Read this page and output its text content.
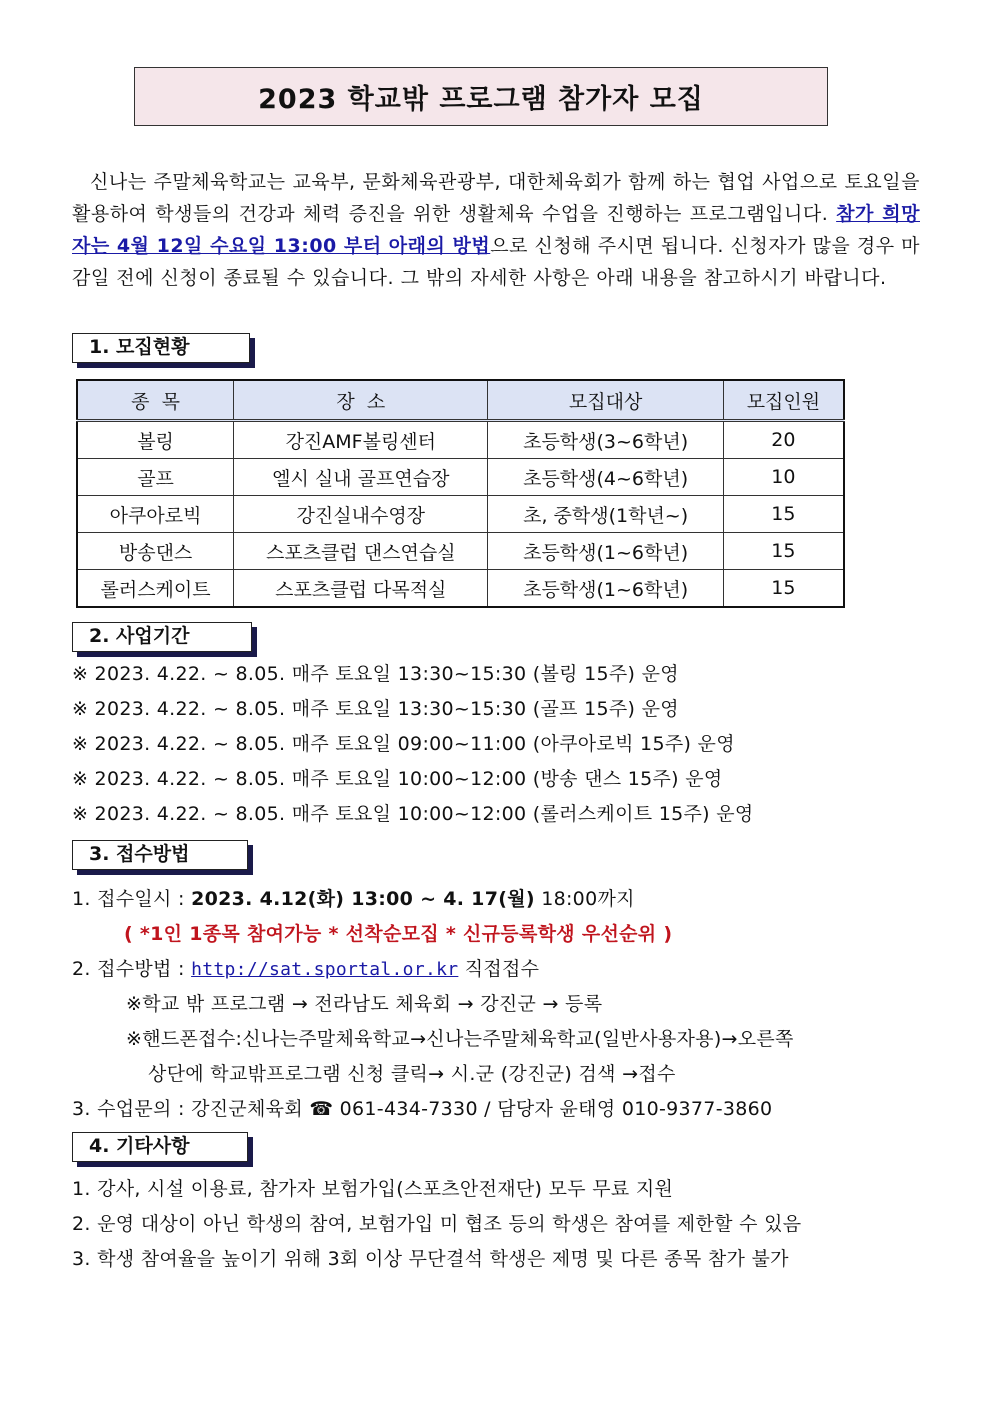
2023 학교밖 프로그램 참가자 모집
신나는 주말체육학교는 교육부, 문화체육관광부, 대한체육회가 함께 하는 협업 사업으로 토요일을 활용하여 학생들의 건강과 체력 증진을 위한 생활체육 수업을 진행하는 프로그램입니다. 참가 희망자는 4월 12일 수요일 13:00 부터 아래의 방법으로 신청해 주시면 됩니다. 신청자가 많을 경우 마감일 전에 신청이 종료될 수 있습니다. 그 밖의 자세한 사항은 아래 내용을 참고하시기 바랍니다.
1. 모집현황
종  목	장  소	모집대상	모집인원
볼링	강진AMF볼링센터	초등학생(3~6학년)	20
골프	엘시 실내 골프연습장	초등학생(4~6학년)	10
아쿠아로빅	강진실내수영장	초, 중학생(1학년~)	15
방송댄스	스포츠클럽 댄스연습실	초등학생(1~6학년)	15
롤러스케이트	스포츠클럽 다목적실	초등학생(1~6학년)	15
2. 사업기간
※ 2023. 4.22. ~ 8.05. 매주 토요일 13:30~15:30 (볼링 15주) 운영
※ 2023. 4.22. ~ 8.05. 매주 토요일 13:30~15:30 (골프 15주) 운영
※ 2023. 4.22. ~ 8.05. 매주 토요일 09:00~11:00 (아쿠아로빅 15주) 운영
※ 2023. 4.22. ~ 8.05. 매주 토요일 10:00~12:00 (방송 댄스 15주) 운영
※ 2023. 4.22. ~ 8.05. 매주 토요일 10:00~12:00 (롤러스케이트 15주) 운영
3. 접수방법
1. 접수일시 : 2023. 4.12(화) 13:00 ~ 4. 17(월) 18:00까지
( *1인 1종목 참여가능 * 선착순모집 * 신규등록학생 우선순위 )
2. 접수방법 : http://sat.sportal.or.kr 직접접수
※학교 밖 프로그램 → 전라남도 체육회 → 강진군 → 등록
※핸드폰접수:신나는주말체육학교→신나는주말체육학교(일반사용자용)→오른쪽
상단에 학교밖프로그램 신청 클릭→ 시.군 (강진군) 검색 →접수
3. 수업문의 : 강진군체육회 ☎ 061-434-7330 / 담당자 윤태영 010-9377-3860
4. 기타사항
1. 강사, 시설 이용료, 참가자 보험가입(스포츠안전재단) 모두 무료 지원
2. 운영 대상이 아닌 학생의 참여, 보험가입 미 협조 등의 학생은 참여를 제한할 수 있음
3. 학생 참여율을 높이기 위해 3회 이상 무단결석 학생은 제명 및 다른 종목 참가 불가
